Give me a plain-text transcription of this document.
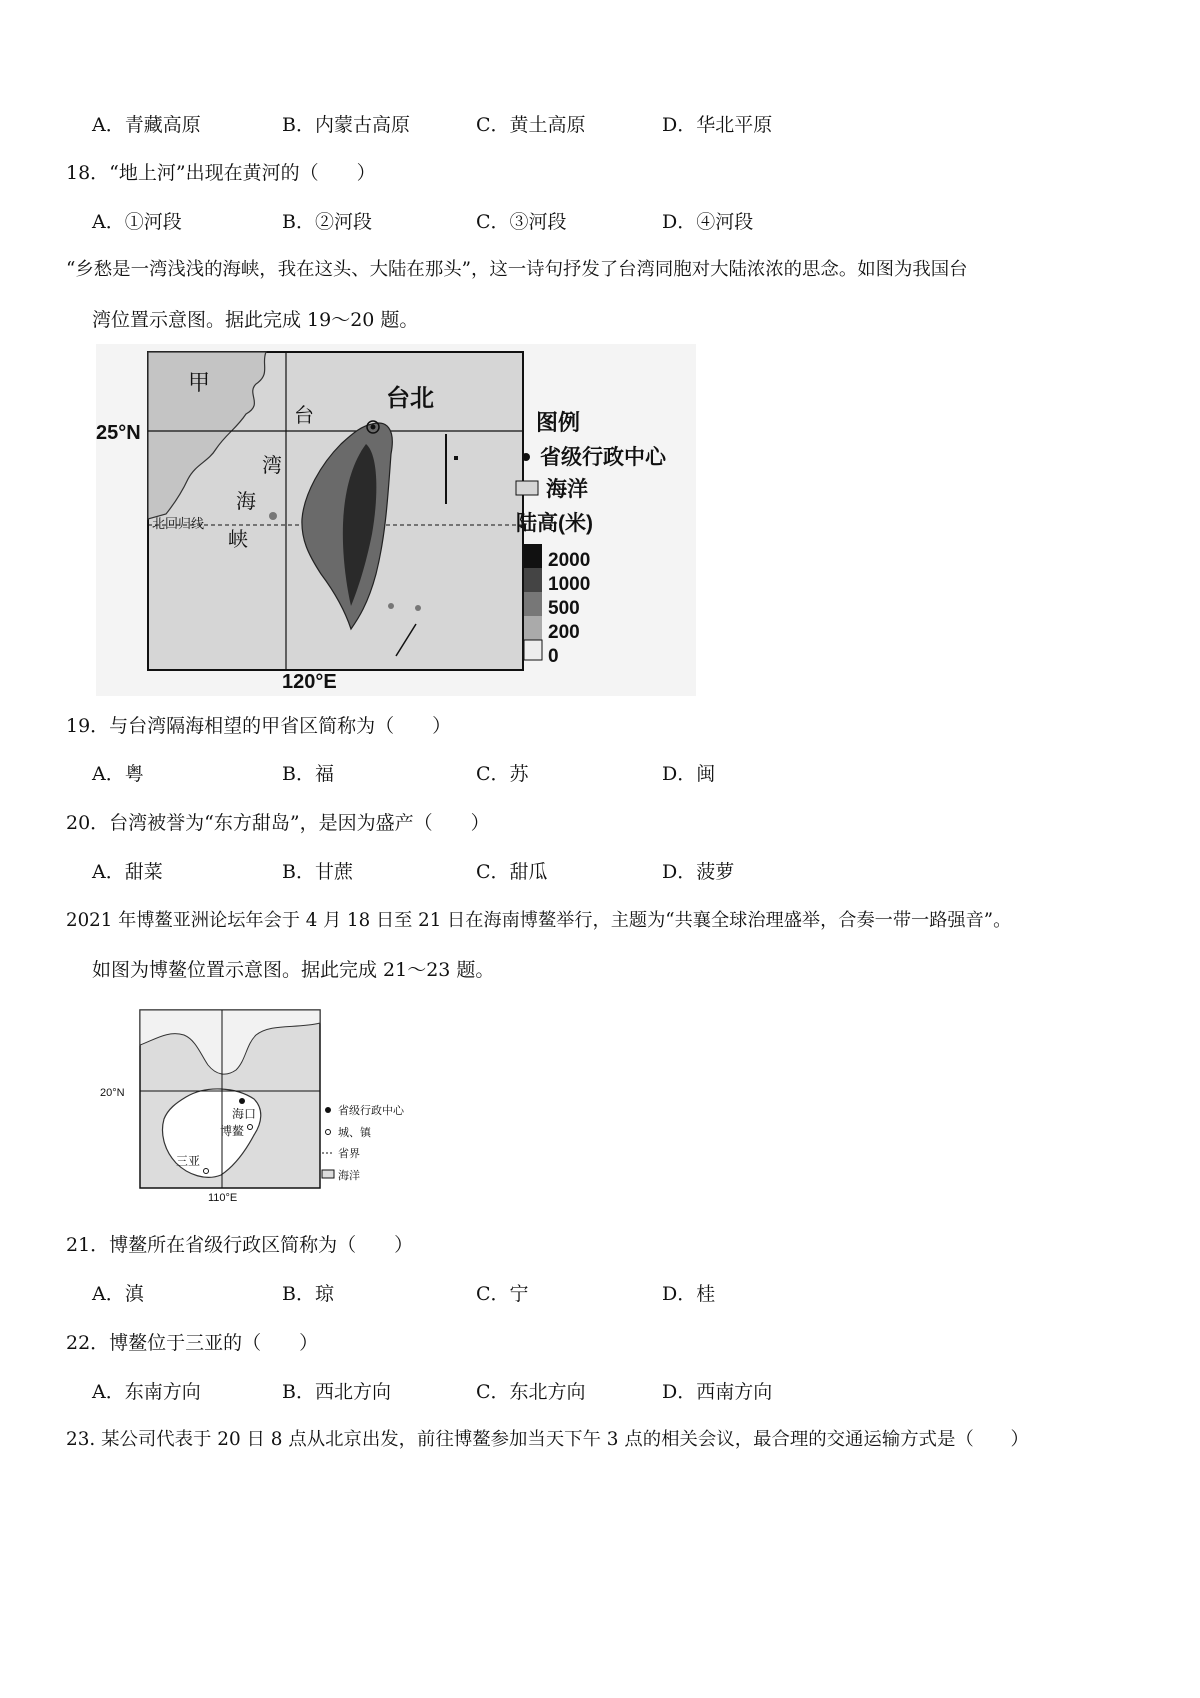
A．青藏高原	B．内蒙古高原	C．黄土高原	D．华北平原
18．“地上河”出现在黄河的（　　）
A．①河段	B．②河段	C．③河段	D．④河段
“乡愁是一湾浅浅的海峡，我在这头、大陆在那头”，这一诗句抒发了台湾同胞对大陆浓浓的思念。如图为我国台
湾位置示意图。据此完成 19～20 题。
甲
25°N
120°E
台
湾
海
峡
台北
北回归线
图例
省级行政中心
海洋
陆高(米)
2000
1000
500
200
0
19．与台湾隔海相望的甲省区简称为（　　）
A．粤	B．福	C．苏	D．闽
20．台湾被誉为“东方甜岛”，是因为盛产（　　）
A．甜菜	B．甘蔗	C．甜瓜	D．菠萝
2021 年博鳌亚洲论坛年会于 4 月 18 日至 21 日在海南博鳌举行，主题为“共襄全球治理盛举，合奏一带一路强音”。
如图为博鳌位置示意图。据此完成 21～23 题。
20°N
110°E
海口
博鳌
三亚
省级行政中心
城、镇
省界
海洋
21．博鳌所在省级行政区简称为（　　）
A．滇	B．琼	C．宁	D．桂
22．博鳌位于三亚的（　　）
A．东南方向	B．西北方向	C．东北方向	D．西南方向
23. 某公司代表于 20 日 8 点从北京出发，前往博鳌参加当天下午 3 点的相关会议，最合理的交通运输方式是（　　）
